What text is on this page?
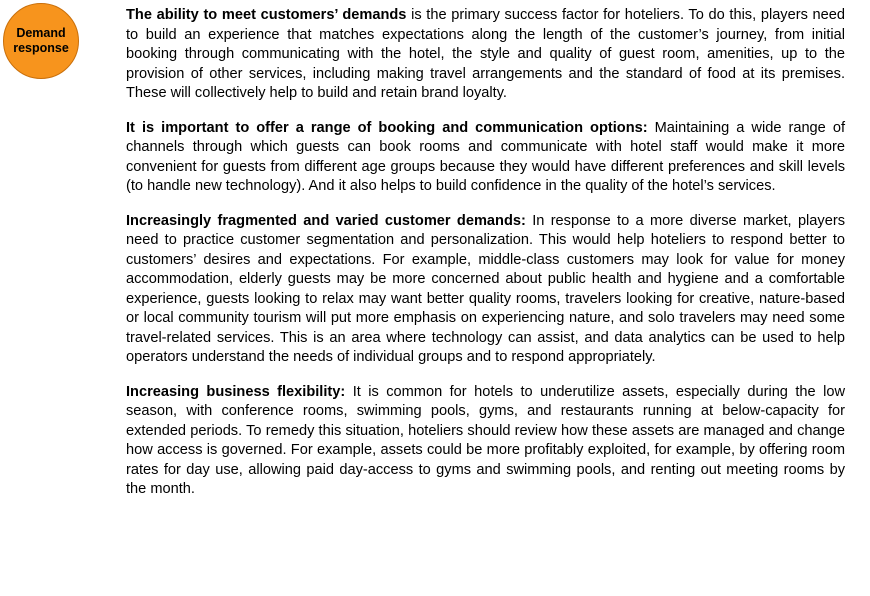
Demand response

The ability to meet customers’ demands is the primary success factor for hoteliers. To do this, players need to build an experience that matches expectations along the length of the customer’s journey, from initial booking through communicating with the hotel, the style and quality of guest room, amenities, up to the provision of other services, including making travel arrangements and the standard of food at its premises. These will collectively help to build and retain brand loyalty.

It is important to offer a range of booking and communication options: Maintaining a wide range of channels through which guests can book rooms and communicate with hotel staff would make it more convenient for guests from different age groups because they would have different preferences and skill levels (to handle new technology). And it also helps to build confidence in the quality of the hotel’s services.

Increasingly fragmented and varied customer demands: In response to a more diverse market, players need to practice customer segmentation and personalization. This would help hoteliers to respond better to customers’ desires and expectations. For example, middle-class customers may look for value for money accommodation, elderly guests may be more concerned about public health and hygiene and a comfortable experience, guests looking to relax may want better quality rooms, travelers looking for creative, nature-based or local community tourism will put more emphasis on experiencing nature, and solo travelers may need some travel-related services. This is an area where technology can assist, and data analytics can be used to help operators understand the needs of individual groups and to respond appropriately.

Increasing business flexibility: It is common for hotels to underutilize assets, especially during the low season, with conference rooms, swimming pools, gyms, and restaurants running at below-capacity for extended periods. To remedy this situation, hoteliers should review how these assets are managed and change how access is governed. For example, assets could be more profitably exploited, for example, by offering room rates for day use, allowing paid day-access to gyms and swimming pools, and renting out meeting rooms by the month.
